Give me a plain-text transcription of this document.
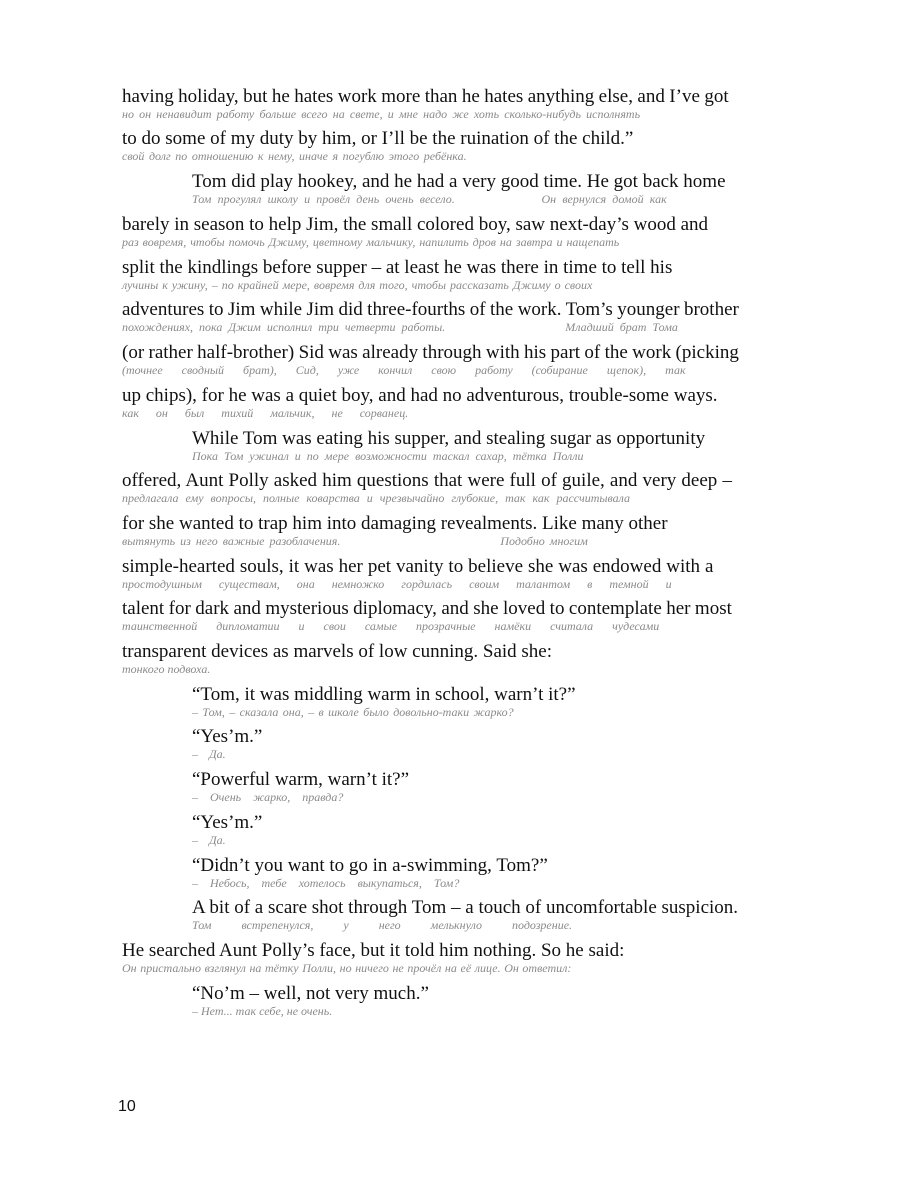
having holiday, but he hates work more than he hates anything else, and I’ve got
но он ненавидит работу больше всего на свете, и мне надо же хоть сколько-нибудь исполнять
to do some of my duty by him, or I’ll be the ruination of the child.”
свой долг по отношению к нему, иначе я погублю этого ребёнка.
Tom did play hookey, and he had a very good time. He got back home
Том прогулял школу и провёл день очень весело.              Он вернулся домой как
barely in season to help Jim, the small colored boy, saw next-day’s wood and
раз вовремя, чтобы помочь Джиму, цветному мальчику, напилить дров на завтра и нащепать
split the kindlings before supper – at least he was there in time to tell his
лучины к ужину, – по крайней мере, вовремя для того, чтобы рассказать Джиму о своих
adventures to Jim while Jim did three-fourths of the work. Tom’s younger brother
похождениях, пока Джим исполнил три четверти работы.                    Младший брат Тома
(or rather half-brother) Sid was already through with his part of the work (picking
(точнее сводный брат), Сид, уже кончил свою работу (собирание щепок), так
up chips), for he was a quiet boy, and had no adventurous, trouble-some ways.
как он был тихий мальчик, не сорванец.
While Tom was eating his supper, and stealing sugar as opportunity
Пока Том ужинал и по мере возможности таскал сахар, тётка Полли
offered, Aunt Polly asked him questions that were full of guile, and very deep –
предлагала ему вопросы, полные коварства и чрезвычайно глубокие, так как рассчитывала
for she wanted to trap him into damaging revealments. Like many other
вытянуть из него важные разоблачения.                                Подобно многим
simple-hearted souls, it was her pet vanity to believe she was endowed with a
простодушным существам, она немножко гордилась своим талантом в темной и
talent for dark and mysterious diplomacy, and she loved to contemplate her most
таинственной дипломатии и свои самые прозрачные намёки считала чудесами
transparent devices as marvels of low cunning. Said she:
тонкого подвоха.
“Tom, it was middling warm in school, warn’t it?”
– Том, – сказала она, – в школе было довольно-таки жарко?
“Yes’m.”
– Да.
“Powerful warm, warn’t it?”
– Очень жарко, правда?
“Yes’m.”
– Да.
“Didn’t you want to go in a-swimming, Tom?”
– Небось, тебе хотелось выкупаться, Том?
A bit of a scare shot through Tom – a touch of uncomfortable suspicion.
Том встрепенулся, у него мелькнуло подозрение.
He searched Aunt Polly’s face, but it told him nothing. So he said:
Он пристально взглянул на тётку Полли, но ничего не прочёл на её лице. Он ответил:
“No’m – well, not very much.”
– Нет... так себе, не очень.
10
